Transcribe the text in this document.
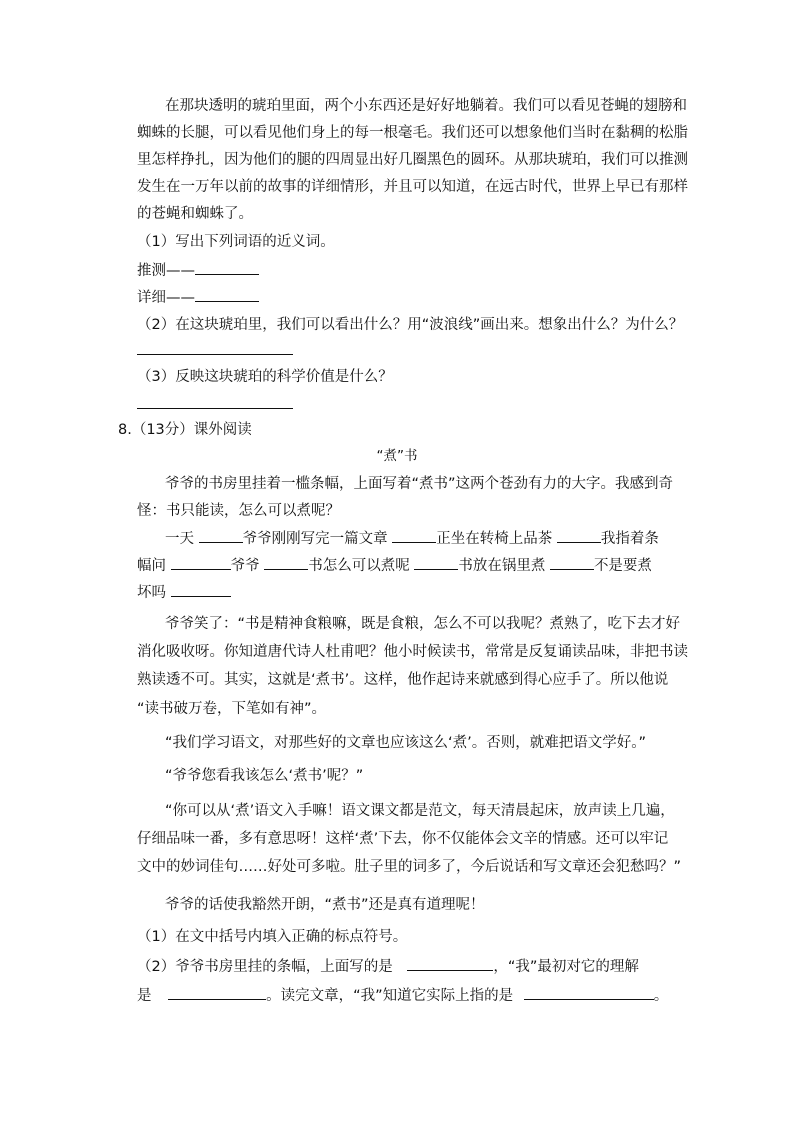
在那块透明的琥珀里面，两个小东西还是好好地躺着。我们可以看见苍蝇的翅膀和
蜘蛛的长腿，可以看见他们身上的每一根毫毛。我们还可以想象他们当时在黏稠的松脂
里怎样挣扎，因为他们的腿的四周显出好几圈黑色的圆环。从那块琥珀，我们可以推测
发生在一万年以前的故事的详细情形，并且可以知道，在远古时代，世界上早已有那样
的苍蝇和蜘蛛了。
（1）写出下列词语的近义词。
推测——
详细——
（2）在这块琥珀里，我们可以看出什么？用“波浪线”画出来。想象出什么？为什么？
（3）反映这块琥珀的科学价值是什么？
8.（13分）课外阅读
“煮”书
爷爷的书房里挂着一槛条幅，上面写着“煮书”这两个苍劲有力的大字。我感到奇
怪：书只能读，怎么可以煮呢？
一天	爷爷刚刚写完一篇文章	正坐在转椅上品茶	我指着条
幅问	爷爷	书怎么可以煮呢	书放在锅里煮	不是要煮
坏吗
爷爷笑了：“书是精神食粮嘛，既是食粮，怎么不可以我呢？煮熟了，吃下去才好
消化吸收呀。你知道唐代诗人杜甫吧？他小时候读书，常常是反复诵读品味，非把书读
熟读透不可。其实，这就是‘煮书’。这样，他作起诗来就感到得心应手了。所以他说
“读书破万卷，下笔如有神”。
“我们学习语文，对那些好的文章也应该这么‘煮’。否则，就难把语文学好。”
“爷爷您看我该怎么‘煮书’呢？”
“你可以从‘煮’语文入手嘛！语文课文都是范文，每天清晨起床，放声读上几遍，
仔细品味一番，多有意思呀！这样‘煮’下去，你不仅能体会文辛的情感。还可以牢记
文中的妙词佳句……好处可多啦。肚子里的词多了，今后说话和写文章还会犯愁吗？”
爷爷的话使我豁然开朗，“煮书”还是真有道理呢！
（1）在文中括号内填入正确的标点符号。
（2）爷爷书房里挂的条幅，上面写的是	，“我”最初对它的理解
是	。读完文章，“我”知道它实际上指的是	。
